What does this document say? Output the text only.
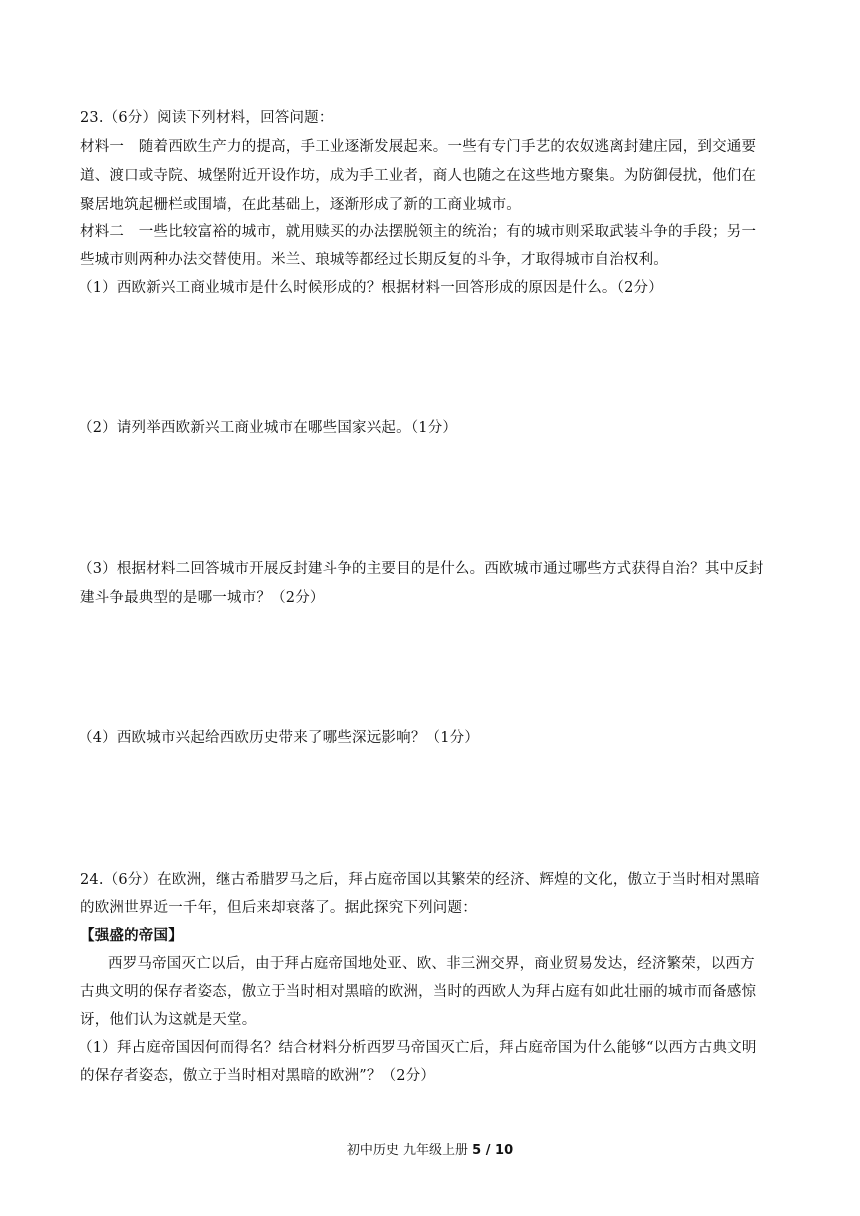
23.（6分）阅读下列材料，回答问题：
材料一　随着西欧生产力的提高，手工业逐渐发展起来。一些有专门手艺的农奴逃离封建庄园，到交通要
道、渡口或寺院、城堡附近开设作坊，成为手工业者，商人也随之在这些地方聚集。为防御侵扰，他们在
聚居地筑起栅栏或围墙，在此基础上，逐渐形成了新的工商业城市。
材料二　一些比较富裕的城市，就用赎买的办法摆脱领主的统治；有的城市则采取武装斗争的手段；另一
些城市则两种办法交替使用。米兰、琅城等都经过长期反复的斗争，才取得城市自治权利。
（1）西欧新兴工商业城市是什么时候形成的？根据材料一回答形成的原因是什么。（2分）
（2）请列举西欧新兴工商业城市在哪些国家兴起。（1分）
（3）根据材料二回答城市开展反封建斗争的主要目的是什么。西欧城市通过哪些方式获得自治？其中反封
建斗争最典型的是哪一城市？（2分）
（4）西欧城市兴起给西欧历史带来了哪些深远影响？（1分）
24.（6分）在欧洲，继古希腊罗马之后，拜占庭帝国以其繁荣的经济、辉煌的文化，傲立于当时相对黑暗
的欧洲世界近一千年，但后来却衰落了。据此探究下列问题：
【强盛的帝国】
西罗马帝国灭亡以后，由于拜占庭帝国地处亚、欧、非三洲交界，商业贸易发达，经济繁荣，以西方
古典文明的保存者姿态，傲立于当时相对黑暗的欧洲，当时的西欧人为拜占庭有如此壮丽的城市而备感惊
讶，他们认为这就是天堂。
（1）拜占庭帝国因何而得名？结合材料分析西罗马帝国灭亡后，拜占庭帝国为什么能够“以西方古典文明
的保存者姿态，傲立于当时相对黑暗的欧洲”？（2分）
初中历史 九年级上册 5 / 10
